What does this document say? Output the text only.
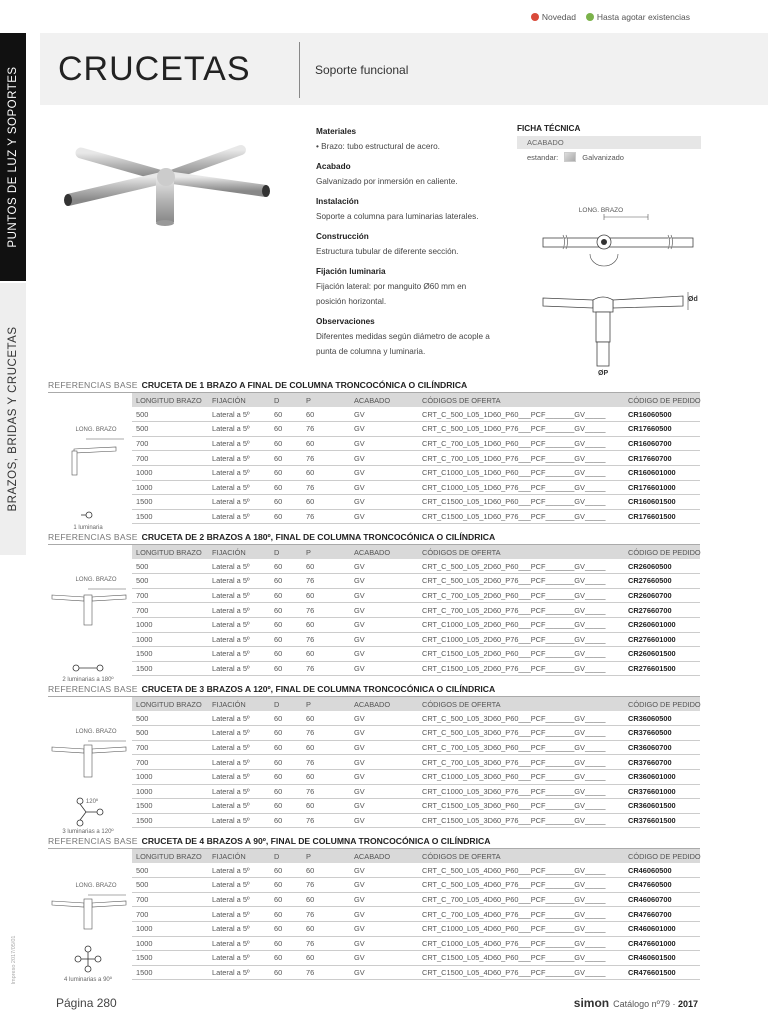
Novedad	Hasta agotar existencias
PUNTOS DE LUZ Y SOPORTES
BRAZOS, BRIDAS Y CRUCETAS
Impreso 2017/05/01
CRUCETAS	Soporte funcional
Materiales
• Brazo: tubo estructural de acero.
Acabado
Galvanizado por inmersión en caliente.
Instalación
Soporte a columna para luminarias laterales.
Construcción
Estructura tubular de diferente sección.
Fijación luminaria
Fijación lateral: por manguito Ø60 mm en posición horizontal.
Observaciones
Diferentes medidas según diámetro de acople a punta de columna y luminaria.
FICHA TÉCNICA
ACABADO
estandar:	Galvanizado
LONG. BRAZO
Ød
ØP
REFERENCIAS BASE CRUCETA DE 1 BRAZO A FINAL DE COLUMNA TRONCOCÓNICA O CILÍNDRICA
	LONGITUD BRAZO	FIJACIÓN	D	P	ACABADO	CÓDIGOS DE OFERTA	CÓDIGO DE PEDIDO

LONG. BRAZO
1 luminaria	500	Lateral a 5º	60	60	GV	CRT_C_500_L05_1D60_P60___PCF_______GV_____	CR16060500
	500	Lateral a 5º	60	76	GV	CRT_C_500_L05_1D60_P76___PCF_______GV_____	CR17660500
	700	Lateral a 5º	60	60	GV	CRT_C_700_L05_1D60_P60___PCF_______GV_____	CR16060700
	700	Lateral a 5º	60	76	GV	CRT_C_700_L05_1D60_P76___PCF_______GV_____	CR17660700
	1000	Lateral a 5º	60	60	GV	CRT_C1000_L05_1D60_P60___PCF_______GV_____	CR160601000
	1000	Lateral a 5º	60	76	GV	CRT_C1000_L05_1D60_P76___PCF_______GV_____	CR176601000
	1500	Lateral a 5º	60	60	GV	CRT_C1500_L05_1D60_P60___PCF_______GV_____	CR160601500
	1500	Lateral a 5º	60	76	GV	CRT_C1500_L05_1D60_P76___PCF_______GV_____	CR176601500
REFERENCIAS BASE CRUCETA DE 2 BRAZOS A 180º, FINAL DE COLUMNA TRONCOCÓNICA O CILÍNDRICA
	LONGITUD BRAZO	FIJACIÓN	D	P	ACABADO	CÓDIGOS DE OFERTA	CÓDIGO DE PEDIDO

LONG. BRAZO
2 luminarias a 180º	500	Lateral a 5º	60	60	GV	CRT_C_500_L05_2D60_P60___PCF_______GV_____	CR26060500
	500	Lateral a 5º	60	76	GV	CRT_C_500_L05_2D60_P76___PCF_______GV_____	CR27660500
	700	Lateral a 5º	60	60	GV	CRT_C_700_L05_2D60_P60___PCF_______GV_____	CR26060700
	700	Lateral a 5º	60	76	GV	CRT_C_700_L05_2D60_P76___PCF_______GV_____	CR27660700
	1000	Lateral a 5º	60	60	GV	CRT_C1000_L05_2D60_P60___PCF_______GV_____	CR260601000
	1000	Lateral a 5º	60	76	GV	CRT_C1000_L05_2D60_P76___PCF_______GV_____	CR276601000
	1500	Lateral a 5º	60	60	GV	CRT_C1500_L05_2D60_P60___PCF_______GV_____	CR260601500
	1500	Lateral a 5º	60	76	GV	CRT_C1500_L05_2D60_P76___PCF_______GV_____	CR276601500
REFERENCIAS BASE CRUCETA DE 3 BRAZOS A 120º, FINAL DE COLUMNA TRONCOCÓNICA O CILÍNDRICA
	LONGITUD BRAZO	FIJACIÓN	D	P	ACABADO	CÓDIGOS DE OFERTA	CÓDIGO DE PEDIDO

LONG. BRAZO
120º
3 luminarias a 120º	500	Lateral a 5º	60	60	GV	CRT_C_500_L05_3D60_P60___PCF_______GV_____	CR36060500
	500	Lateral a 5º	60	76	GV	CRT_C_500_L05_3D60_P76___PCF_______GV_____	CR37660500
	700	Lateral a 5º	60	60	GV	CRT_C_700_L05_3D60_P60___PCF_______GV_____	CR36060700
	700	Lateral a 5º	60	76	GV	CRT_C_700_L05_3D60_P76___PCF_______GV_____	CR37660700
	1000	Lateral a 5º	60	60	GV	CRT_C1000_L05_3D60_P60___PCF_______GV_____	CR360601000
	1000	Lateral a 5º	60	76	GV	CRT_C1000_L05_3D60_P76___PCF_______GV_____	CR376601000
	1500	Lateral a 5º	60	60	GV	CRT_C1500_L05_3D60_P60___PCF_______GV_____	CR360601500
	1500	Lateral a 5º	60	76	GV	CRT_C1500_L05_3D60_P76___PCF_______GV_____	CR376601500
REFERENCIAS BASE CRUCETA DE 4 BRAZOS A 90º, FINAL DE COLUMNA TRONCOCÓNICA O CILÍNDRICA
	LONGITUD BRAZO	FIJACIÓN	D	P	ACABADO	CÓDIGOS DE OFERTA	CÓDIGO DE PEDIDO

LONG. BRAZO
4 luminarias a 90º	500	Lateral a 5º	60	60	GV	CRT_C_500_L05_4D60_P60___PCF_______GV_____	CR46060500
	500	Lateral a 5º	60	76	GV	CRT_C_500_L05_4D60_P76___PCF_______GV_____	CR47660500
	700	Lateral a 5º	60	60	GV	CRT_C_700_L05_4D60_P60___PCF_______GV_____	CR46060700
	700	Lateral a 5º	60	76	GV	CRT_C_700_L05_4D60_P76___PCF_______GV_____	CR47660700
	1000	Lateral a 5º	60	60	GV	CRT_C1000_L05_4D60_P60___PCF_______GV_____	CR460601000
	1000	Lateral a 5º	60	76	GV	CRT_C1000_L05_4D60_P76___PCF_______GV_____	CR476601000
	1500	Lateral a 5º	60	60	GV	CRT_C1500_L05_4D60_P60___PCF_______GV_____	CR460601500
	1500	Lateral a 5º	60	76	GV	CRT_C1500_L05_4D60_P76___PCF_______GV_____	CR476601500
Página 280	simon Catálogo nº79 · 2017
